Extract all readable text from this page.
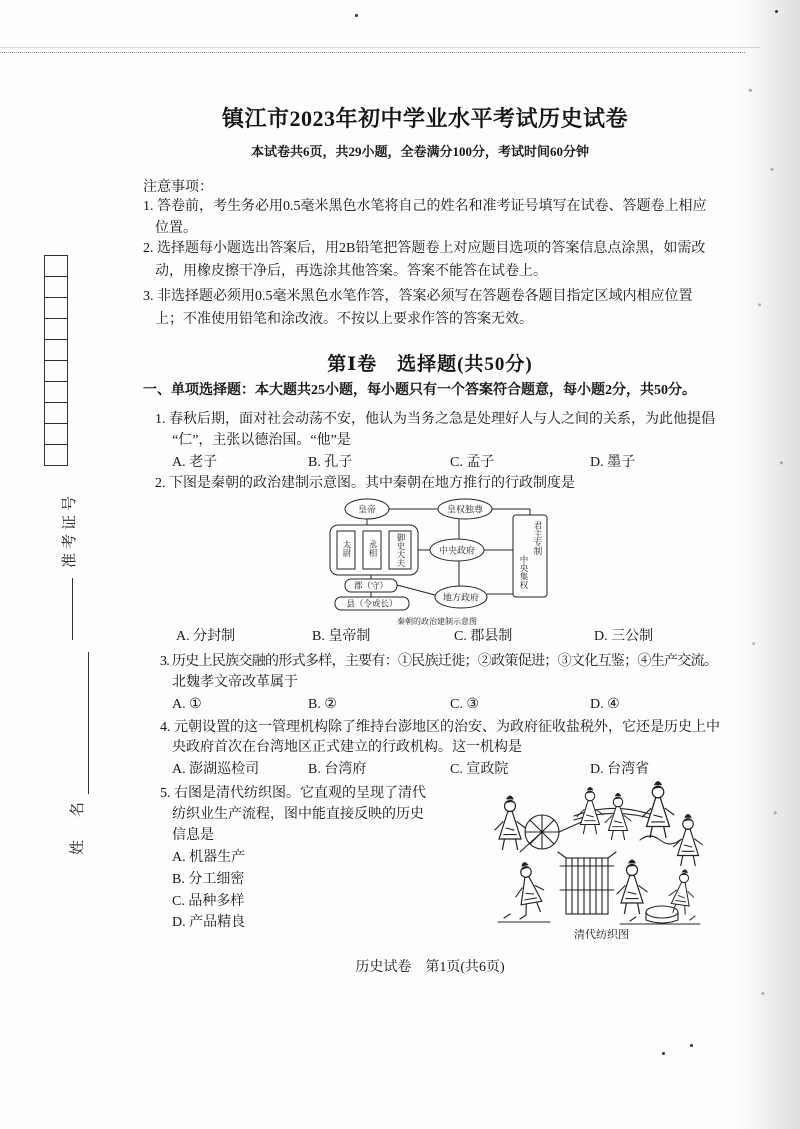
准考证号
姓　名
镇江市2023年初中学业水平考试历史试卷
本试卷共6页，共29小题，全卷满分100分，考试时间60分钟
注意事项：
1. 答卷前，考生务必用0.5毫米黑色水笔将自己的姓名和准考证号填写在试卷、答题卷上相应
位置。
2. 选择题每小题选出答案后，用2B铅笔把答题卷上对应题目选项的答案信息点涂黑，如需改
动，用橡皮擦干净后，再选涂其他答案。答案不能答在试卷上。
3. 非选择题必须用0.5毫米黑色水笔作答，答案必须写在答题卷各题目指定区域内相应位置
上；不准使用铅笔和涂改液。不按以上要求作答的答案无效。
第Ⅰ卷　选择题(共50分)
一、单项选择题：本大题共25小题，每小题只有一个答案符合题意，每小题2分，共50分。
1. 春秋后期，面对社会动荡不安，他认为当务之急是处理好人与人之间的关系，为此他提倡
“仁”，主张以德治国。“他”是
A. 老子	B. 孔子	C. 孟子	D. 墨子
2. 下图是秦朝的政治建制示意图。其中秦朝在地方推行的行政制度是
皇帝	皇权独尊
中央政府
地方政府
郡（守）
县（令或长）
秦朝的政治建制示意图
太尉 丞相 御史大夫	君主专制
中央集权
A. 分封制	B. 皇帝制	C. 郡县制	D. 三公制
3. 历史上民族交融的形式多样，主要有：①民族迁徙；②政策促进；③文化互鉴；④生产交流。
北魏孝文帝改革属于
A. ①	B. ②	C. ③	D. ④
4. 元朝设置的这一管理机构除了维持台澎地区的治安、为政府征收盐税外，它还是历史上中
央政府首次在台湾地区正式建立的行政机构。这一机构是
A. 澎湖巡检司	B. 台湾府	C. 宣政院	D. 台湾省
5. 右图是清代纺织图。它直观的呈现了清代
纺织业生产流程，图中能直接反映的历史
信息是
A. 机器生产
B. 分工细密
C. 品种多样
D. 产品精良
清代纺织图
历史试卷　第1页(共6页)
